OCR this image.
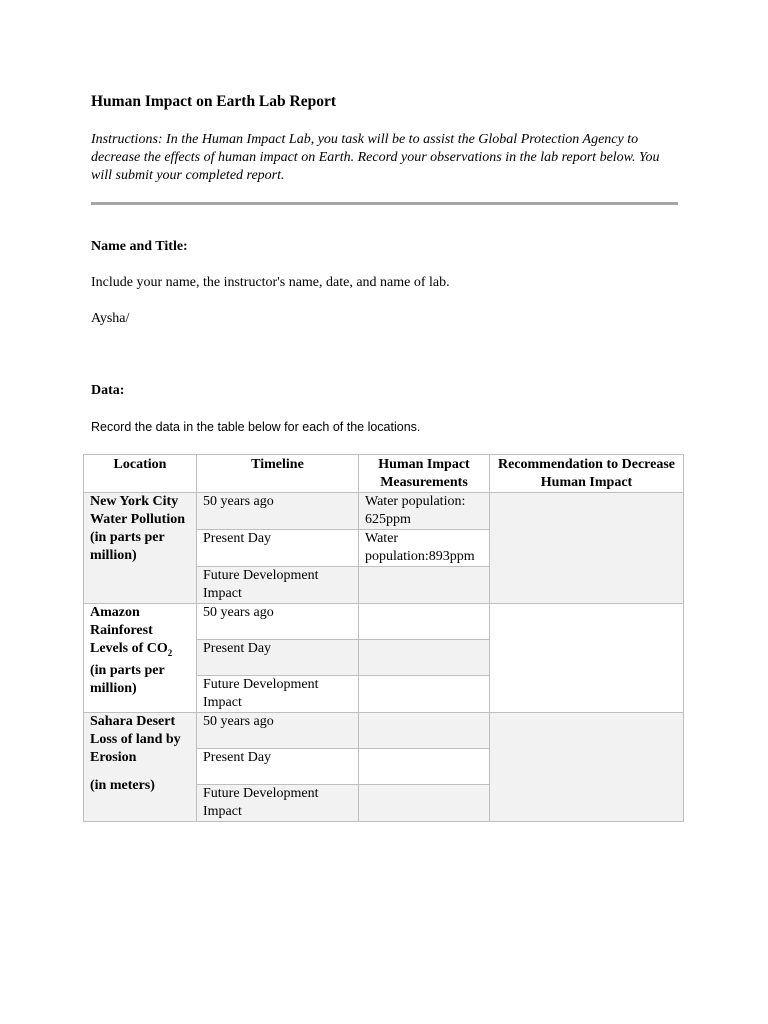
Human Impact on Earth Lab Report
Instructions: In the Human Impact Lab, you task will be to assist the Global Protection Agency to decrease the effects of human impact on Earth. Record your observations in the lab report below. You will submit your completed report.
Name and Title:
Include your name, the instructor's name, date, and name of lab.
Aysha/
Data:
Record the data in the table below for each of the locations.
Location	Timeline	Human Impact Measurements	Recommendation to Decrease Human Impact

New York City Water Pollution
(in parts per million)	50 years ago	Water population: 625ppm	
	Present Day	Water population:893ppm	
	Future Development Impact		

Amazon Rainforest Levels of $CO_2$
(in parts per million)	50 years ago		
	Present Day		
	Future Development Impact		

Sahara Desert Loss of land by Erosion
(in meters)	50 years ago		
	Present Day		
	Future Development Impact		
